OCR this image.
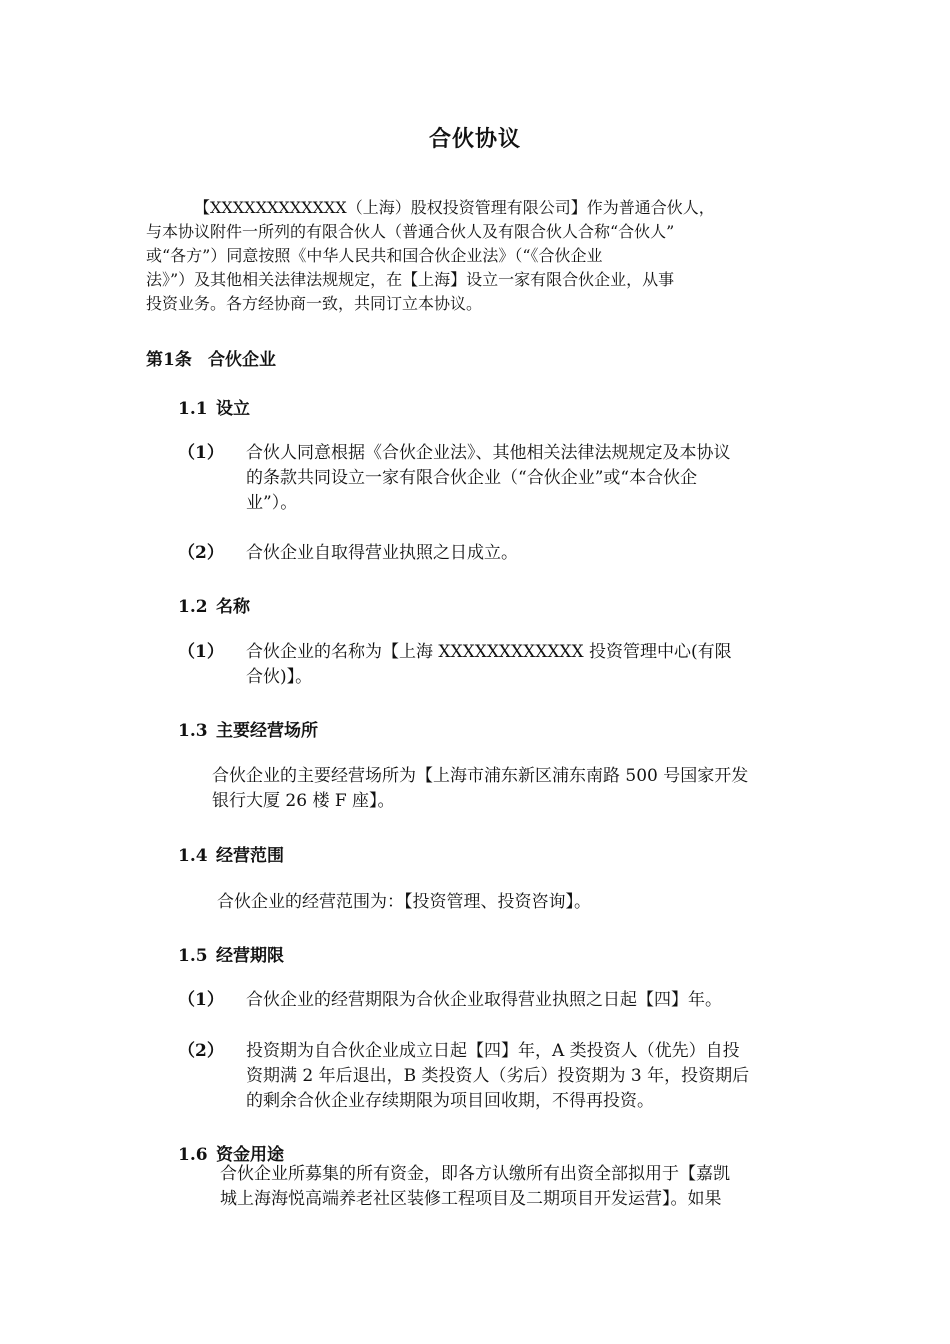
合伙协议
【XXXXXXXXXXXX（上海）股权投资管理有限公司】作为普通合伙人，
与本协议附件一所列的有限合伙人（普通合伙人及有限合伙人合称“合伙人”
或“各方”）同意按照《中华人民共和国合伙企业法》（“《合伙企业
法》”）及其他相关法律法规规定，在【上海】设立一家有限合伙企业，从事
投资业务。各方经协商一致，共同订立本协议。
第1条 合伙企业
1.1 设立
（1） 合伙人同意根据《合伙企业法》、其他相关法律法规规定及本协议
的条款共同设立一家有限合伙企业（“合伙企业”或“本合伙企
业”）。
（2） 合伙企业自取得营业执照之日成立。
1.2 名称
（1） 合伙企业的名称为【上海 XXXXXXXXXXXX 投资管理中心(有限
合伙)】。
1.3 主要经营场所
合伙企业的主要经营场所为【上海市浦东新区浦东南路 500 号国家开发
银行大厦 26 楼 F 座】。
1.4 经营范围
合伙企业的经营范围为：【投资管理、投资咨询】。
1.5 经营期限
（1） 合伙企业的经营期限为合伙企业取得营业执照之日起【四】年。
（2） 投资期为自合伙企业成立日起【四】年，A 类投资人（优先）自投
资期满 2 年后退出，B 类投资人（劣后）投资期为 3 年，投资期后
的剩余合伙企业存续期限为项目回收期，不得再投资。
1.6 资金用途
合伙企业所募集的所有资金，即各方认缴所有出资全部拟用于【嘉凯
城上海海悦高端养老社区装修工程项目及二期项目开发运营】。如果
